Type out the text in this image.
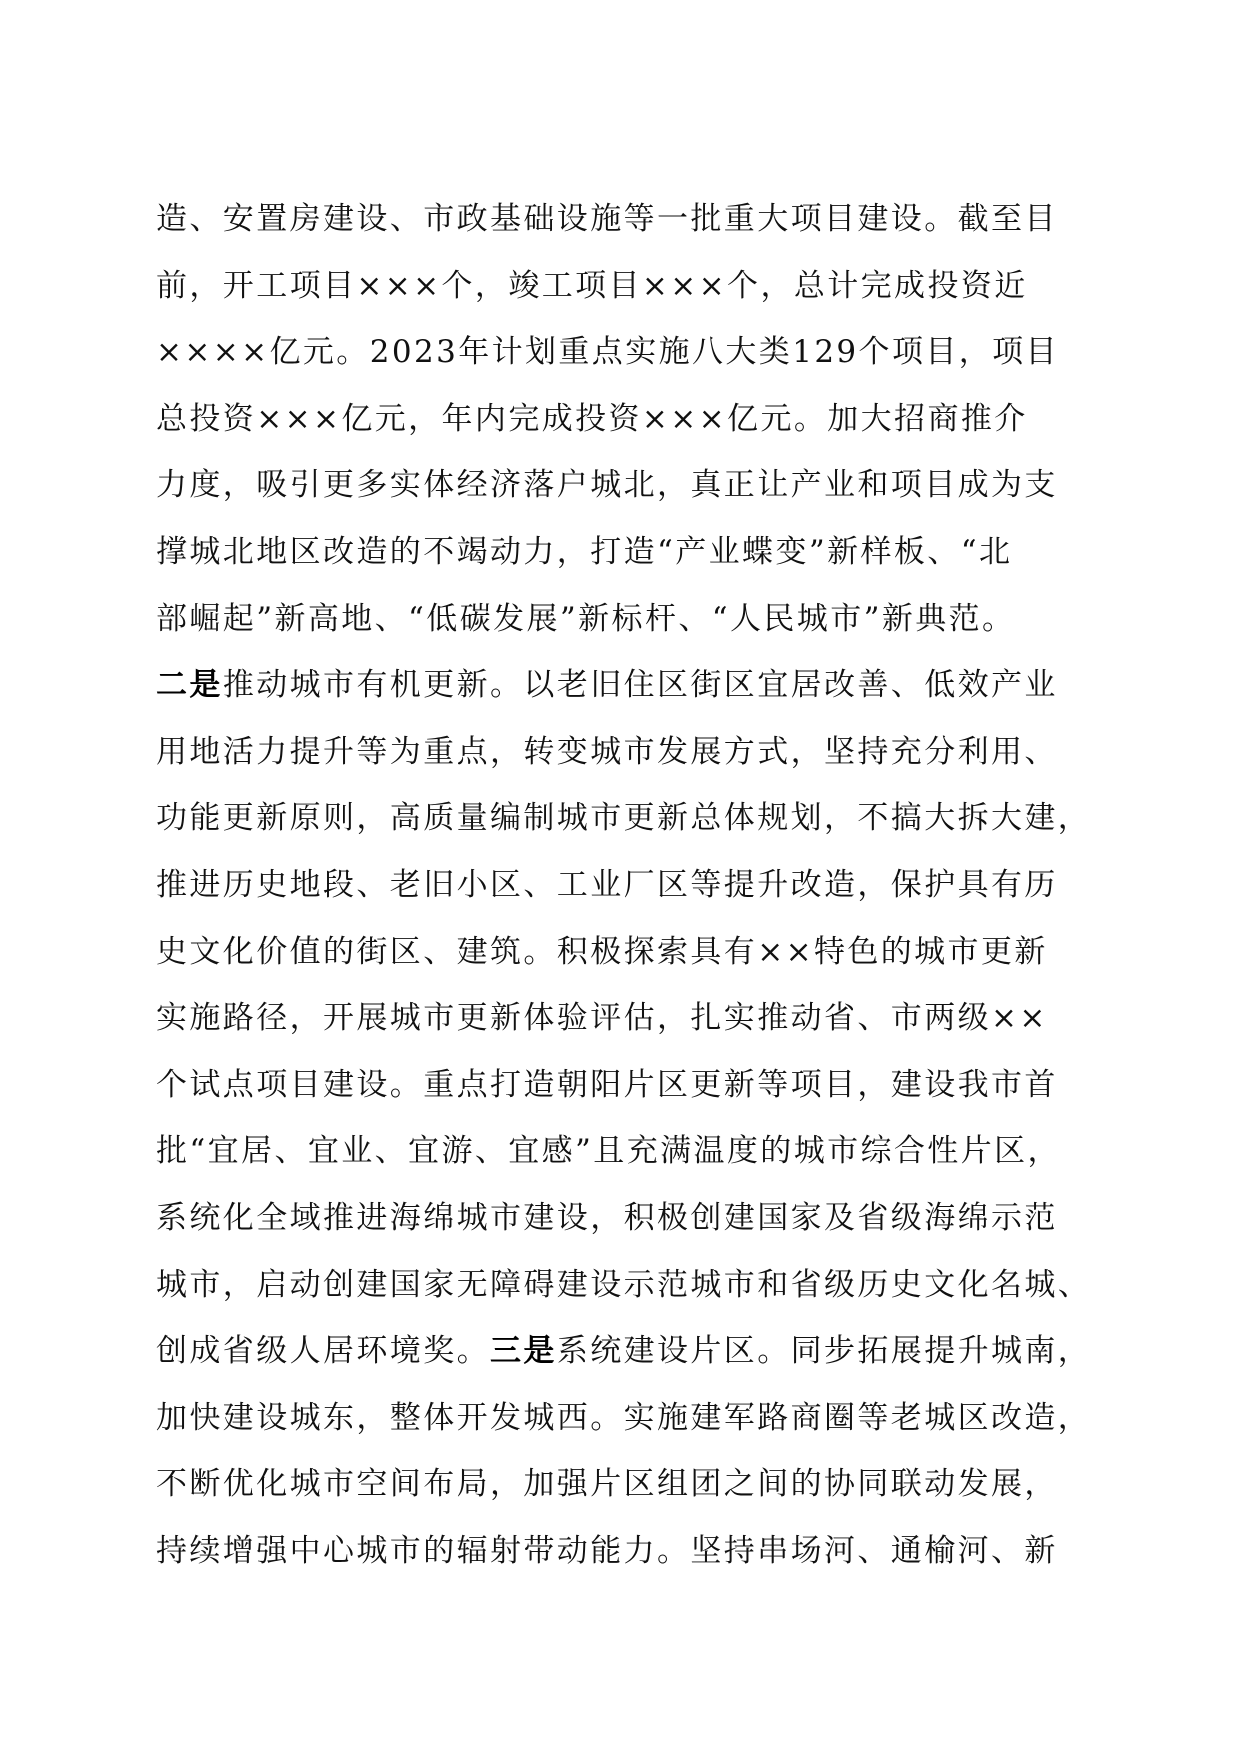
造、安置房建设、市政基础设施等一批重大项目建设。截至目
前，开工项目×××个，竣工项目×××个，总计完成投资近
××××亿元。2023年计划重点实施八大类129个项目，项目
总投资×××亿元，年内完成投资×××亿元。加大招商推介
力度，吸引更多实体经济落户城北，真正让产业和项目成为支
撑城北地区改造的不竭动力，打造“产业蝶变”新样板、“北
部崛起”新高地、“低碳发展”新标杆、“人民城市”新典范。
二是推动城市有机更新。以老旧住区街区宜居改善、低效产业
用地活力提升等为重点，转变城市发展方式，坚持充分利用、
功能更新原则，高质量编制城市更新总体规划，不搞大拆大建，
推进历史地段、老旧小区、工业厂区等提升改造，保护具有历
史文化价值的街区、建筑。积极探索具有××特色的城市更新
实施路径，开展城市更新体验评估，扎实推动省、市两级××
个试点项目建设。重点打造朝阳片区更新等项目，建设我市首
批“宜居、宜业、宜游、宜感”且充满温度的城市综合性片区，
系统化全域推进海绵城市建设，积极创建国家及省级海绵示范
城市，启动创建国家无障碍建设示范城市和省级历史文化名城、
创成省级人居环境奖。三是系统建设片区。同步拓展提升城南，
加快建设城东，整体开发城西。实施建军路商圈等老城区改造，
不断优化城市空间布局，加强片区组团之间的协同联动发展，
持续增强中心城市的辐射带动能力。坚持串场河、通榆河、新
